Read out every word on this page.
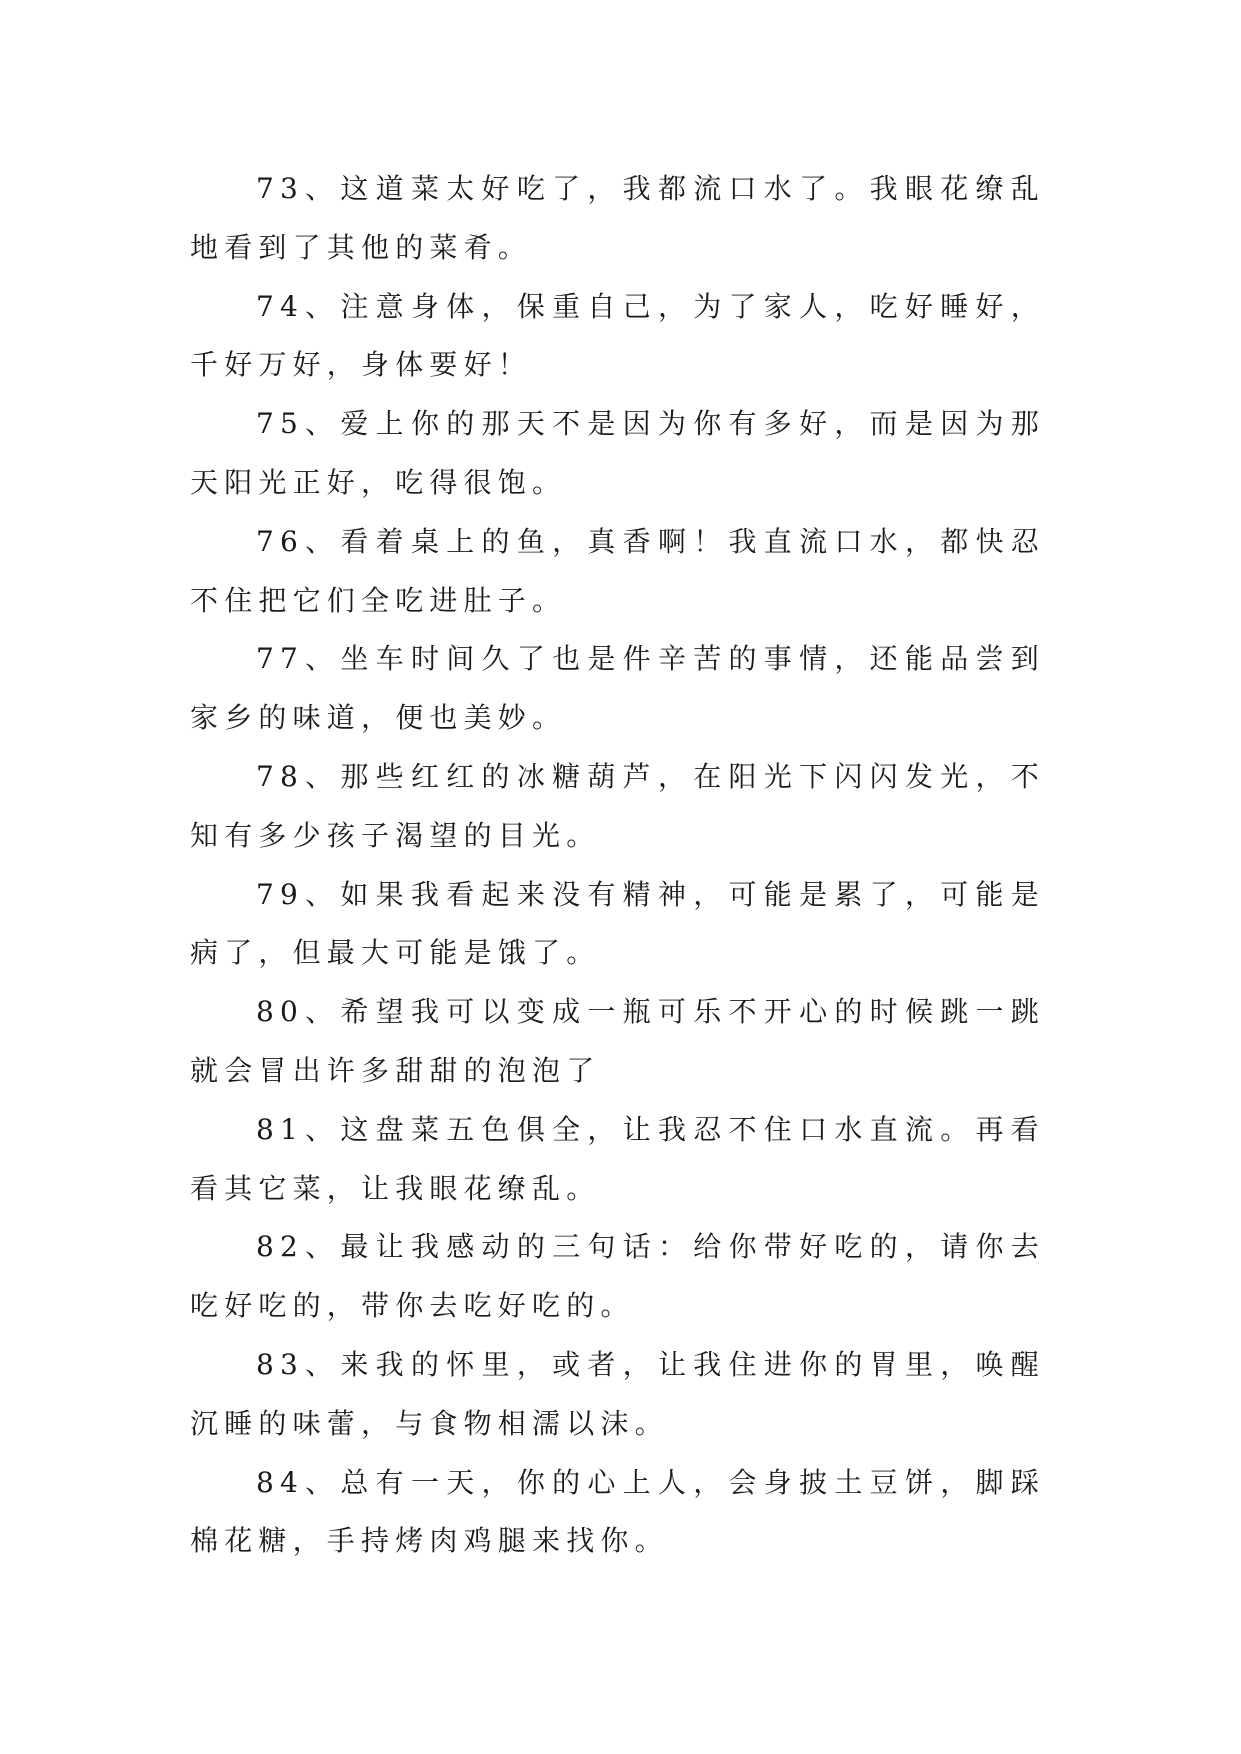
73、这道菜太好吃了，我都流口水了。我眼花缭乱地看到了其他的菜肴。

74、注意身体，保重自己，为了家人，吃好睡好，千好万好，身体要好！

75、爱上你的那天不是因为你有多好，而是因为那天阳光正好，吃得很饱。

76、看着桌上的鱼，真香啊！我直流口水，都快忍不住把它们全吃进肚子。

77、坐车时间久了也是件辛苦的事情，还能品尝到家乡的味道，便也美妙。

78、那些红红的冰糖葫芦，在阳光下闪闪发光，不知有多少孩子渴望的目光。

79、如果我看起来没有精神，可能是累了，可能是病了，但最大可能是饿了。

80、希望我可以变成一瓶可乐不开心的时候跳一跳就会冒出许多甜甜的泡泡了

81、这盘菜五色俱全，让我忍不住口水直流。再看看其它菜，让我眼花缭乱。

82、最让我感动的三句话：给你带好吃的，请你去吃好吃的，带你去吃好吃的。

83、来我的怀里，或者，让我住进你的胃里，唤醒沉睡的味蕾，与食物相濡以沫。

84、总有一天，你的心上人，会身披土豆饼，脚踩棉花糖，手持烤肉鸡腿来找你。
